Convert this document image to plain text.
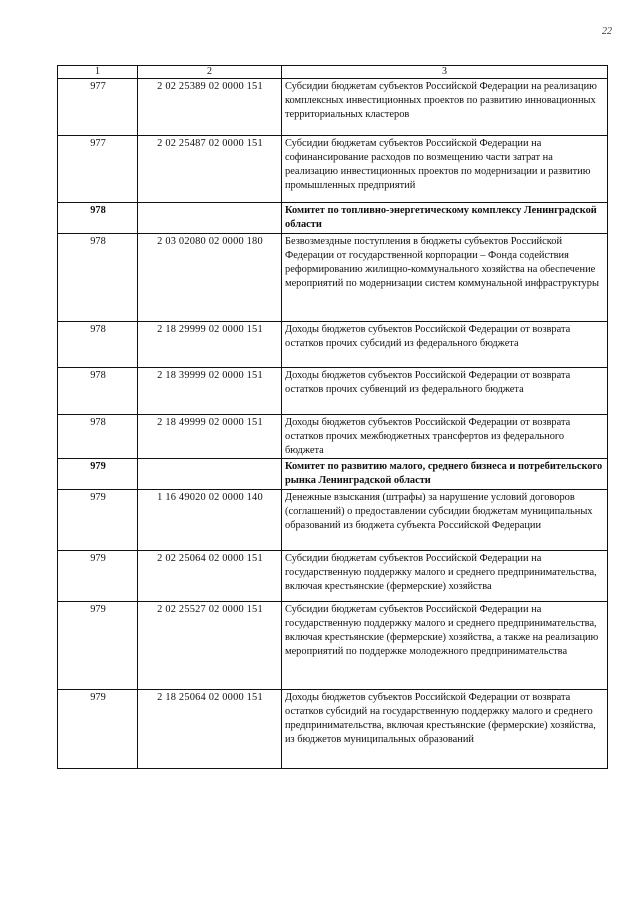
22
1	2	3
977	2 02 25389 02 0000 151	Субсидии бюджетам субъектов Российской Федерации на реализацию комплексных инвестиционных проектов по развитию инновационных территориальных кластеров
977	2 02 25487 02 0000 151	Субсидии бюджетам субъектов Российской Федерации на софинансирование расходов по возмещению части затрат на реализацию инвестиционных проектов по модернизации и развитию промышленных предприятий
978		Комитет по топливно-энергетическому комплексу Ленинградской области
978	2 03 02080 02 0000 180	Безвозмездные поступления в бюджеты субъектов Российской Федерации от государственной корпорации – Фонда содействия реформированию жилищно-коммунального хозяйства на обеспечение мероприятий по модернизации систем коммунальной инфраструктуры
978	2 18 29999 02 0000 151	Доходы бюджетов субъектов Российской Федерации от возврата остатков прочих субсидий из федерального бюджета
978	2 18 39999 02 0000 151	Доходы бюджетов субъектов Российской Федерации от возврата остатков прочих субвенций из федерального бюджета
978	2 18 49999 02 0000 151	Доходы бюджетов субъектов Российской Федерации от возврата остатков прочих межбюджетных трансфертов из федерального бюджета
979		Комитет по развитию малого, среднего бизнеса и потребительского рынка Ленинградской области
979	1 16 49020 02 0000 140	Денежные взыскания (штрафы) за нарушение условий договоров (соглашений) о предоставлении субсидии бюджетам муниципальных образований из бюджета субъекта Российской Федерации
979	2 02 25064 02 0000 151	Субсидии бюджетам субъектов Российской Федерации на государственную поддержку малого и среднего предпринимательства, включая крестьянские (фермерские) хозяйства
979	2 02 25527 02 0000 151	Субсидии бюджетам субъектов Российской Федерации на государственную поддержку малого и среднего предпринимательства, включая крестьянские (фермерские) хозяйства, а также на реализацию мероприятий по поддержке молодежного предпринимательства
979	2 18 25064 02 0000 151	Доходы бюджетов субъектов Российской Федерации от возврата остатков субсидий на государственную поддержку малого и среднего предпринимательства, включая крестьянские (фермерские) хозяйства, из бюджетов муниципальных образований
